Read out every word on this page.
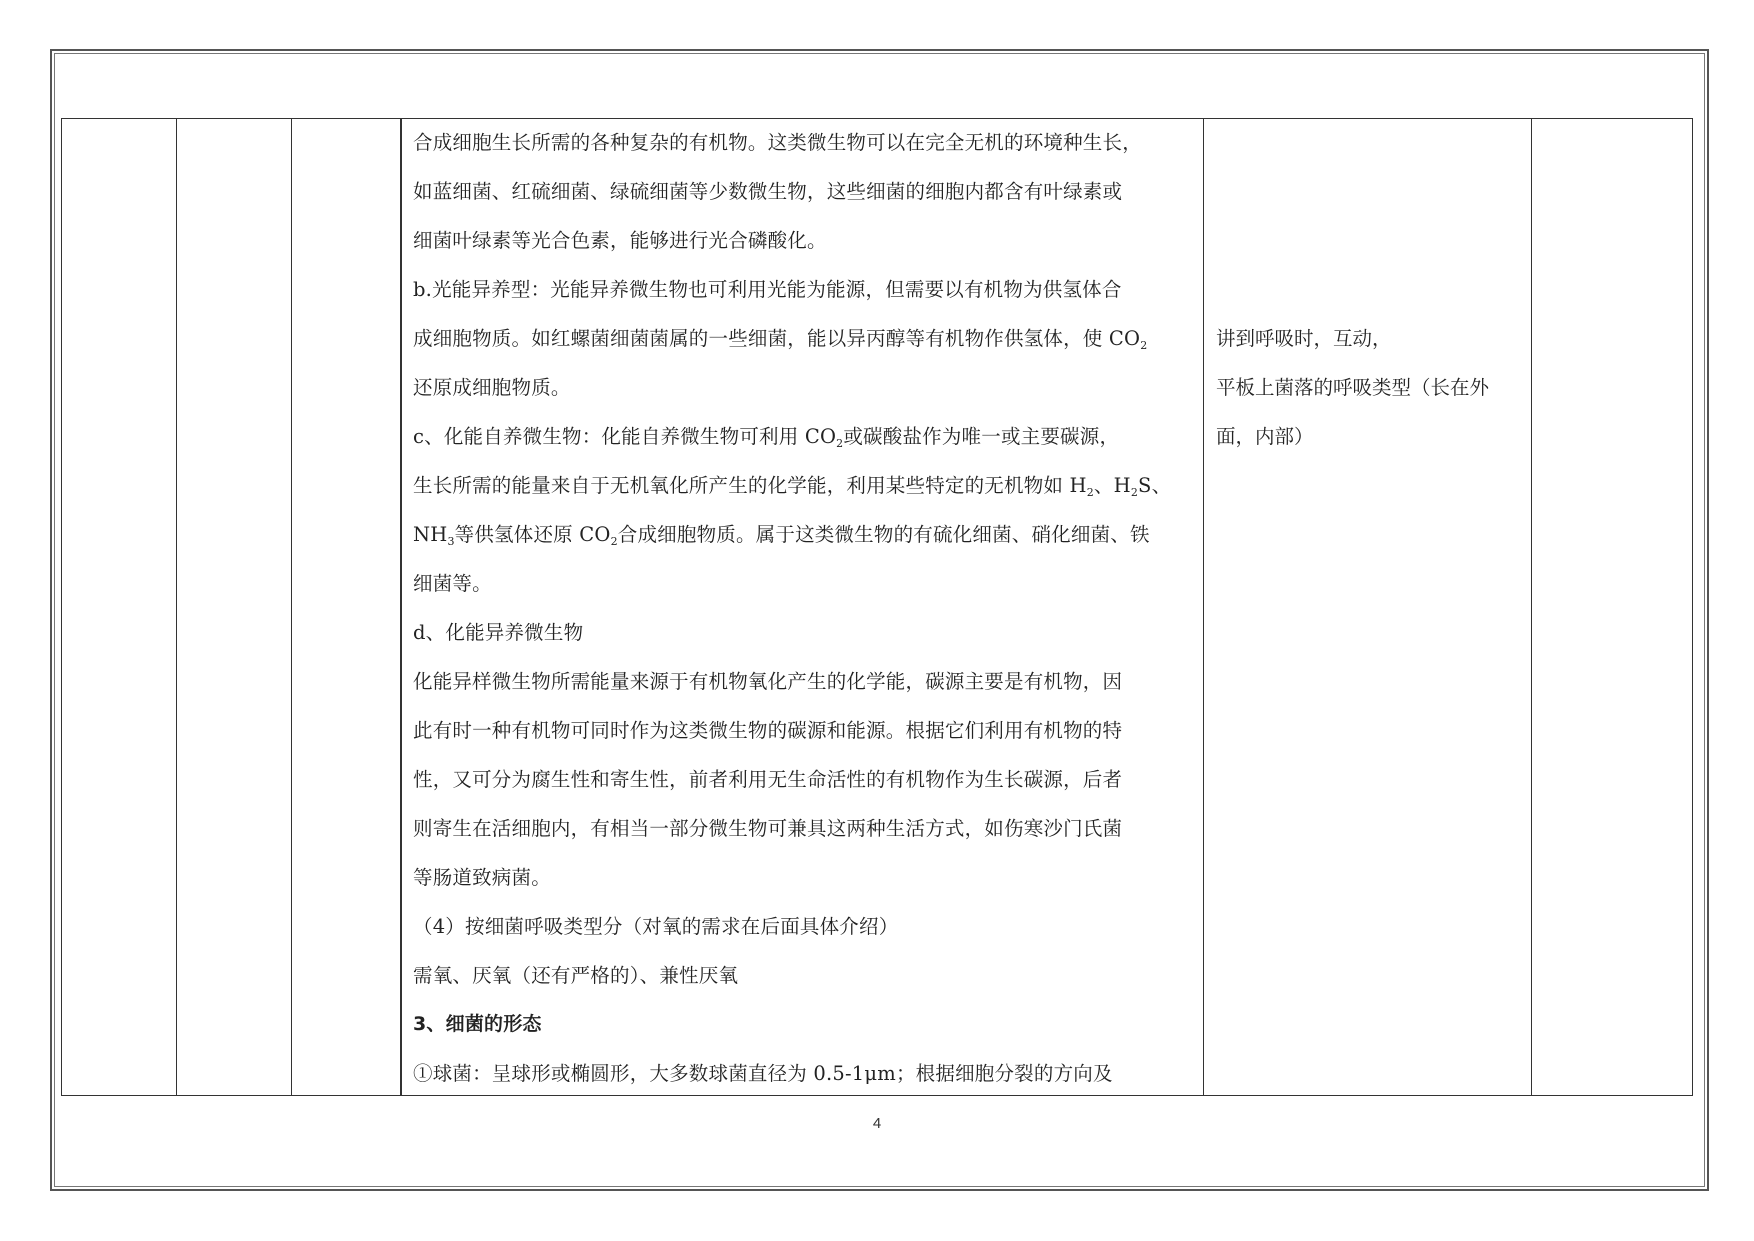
合成细胞生长所需的各种复杂的有机物。这类微生物可以在完全无机的环境种生长，

如蓝细菌、红硫细菌、绿硫细菌等少数微生物，这些细菌的细胞内都含有叶绿素或

细菌叶绿素等光合色素，能够进行光合磷酸化。

b.光能异养型：光能异养微生物也可利用光能为能源，但需要以有机物为供氢体合

成细胞物质。如红螺菌细菌菌属的一些细菌，能以异丙醇等有机物作供氢体，使 $CO_2$

还原成细胞物质。

c、化能自养微生物：化能自养微生物可利用 $CO_2$或碳酸盐作为唯一或主要碳源，

生长所需的能量来自于无机氧化所产生的化学能，利用某些特定的无机物如 $H_2$、$H_2S$、

$NH_3$等供氢体还原 $CO_2$合成细胞物质。属于这类微生物的有硫化细菌、硝化细菌、铁

细菌等。

d、化能异养微生物

化能异样微生物所需能量来源于有机物氧化产生的化学能，碳源主要是有机物，因

此有时一种有机物可同时作为这类微生物的碳源和能源。根据它们利用有机物的特

性，又可分为腐生性和寄生性，前者利用无生命活性的有机物作为生长碳源，后者

则寄生在活细胞内，有相当一部分微生物可兼具这两种生活方式，如伤寒沙门氏菌

等肠道致病菌。

（4）按细菌呼吸类型分（对氧的需求在后面具体介绍）

需氧、厌氧（还有严格的）、兼性厌氧

3、细菌的形态

①球菌：呈球形或椭圆形，大多数球菌直径为 0.5-1μm；根据细胞分裂的方向及

讲到呼吸时，互动，

平板上菌落的呼吸类型（长在外

面，内部）

4
